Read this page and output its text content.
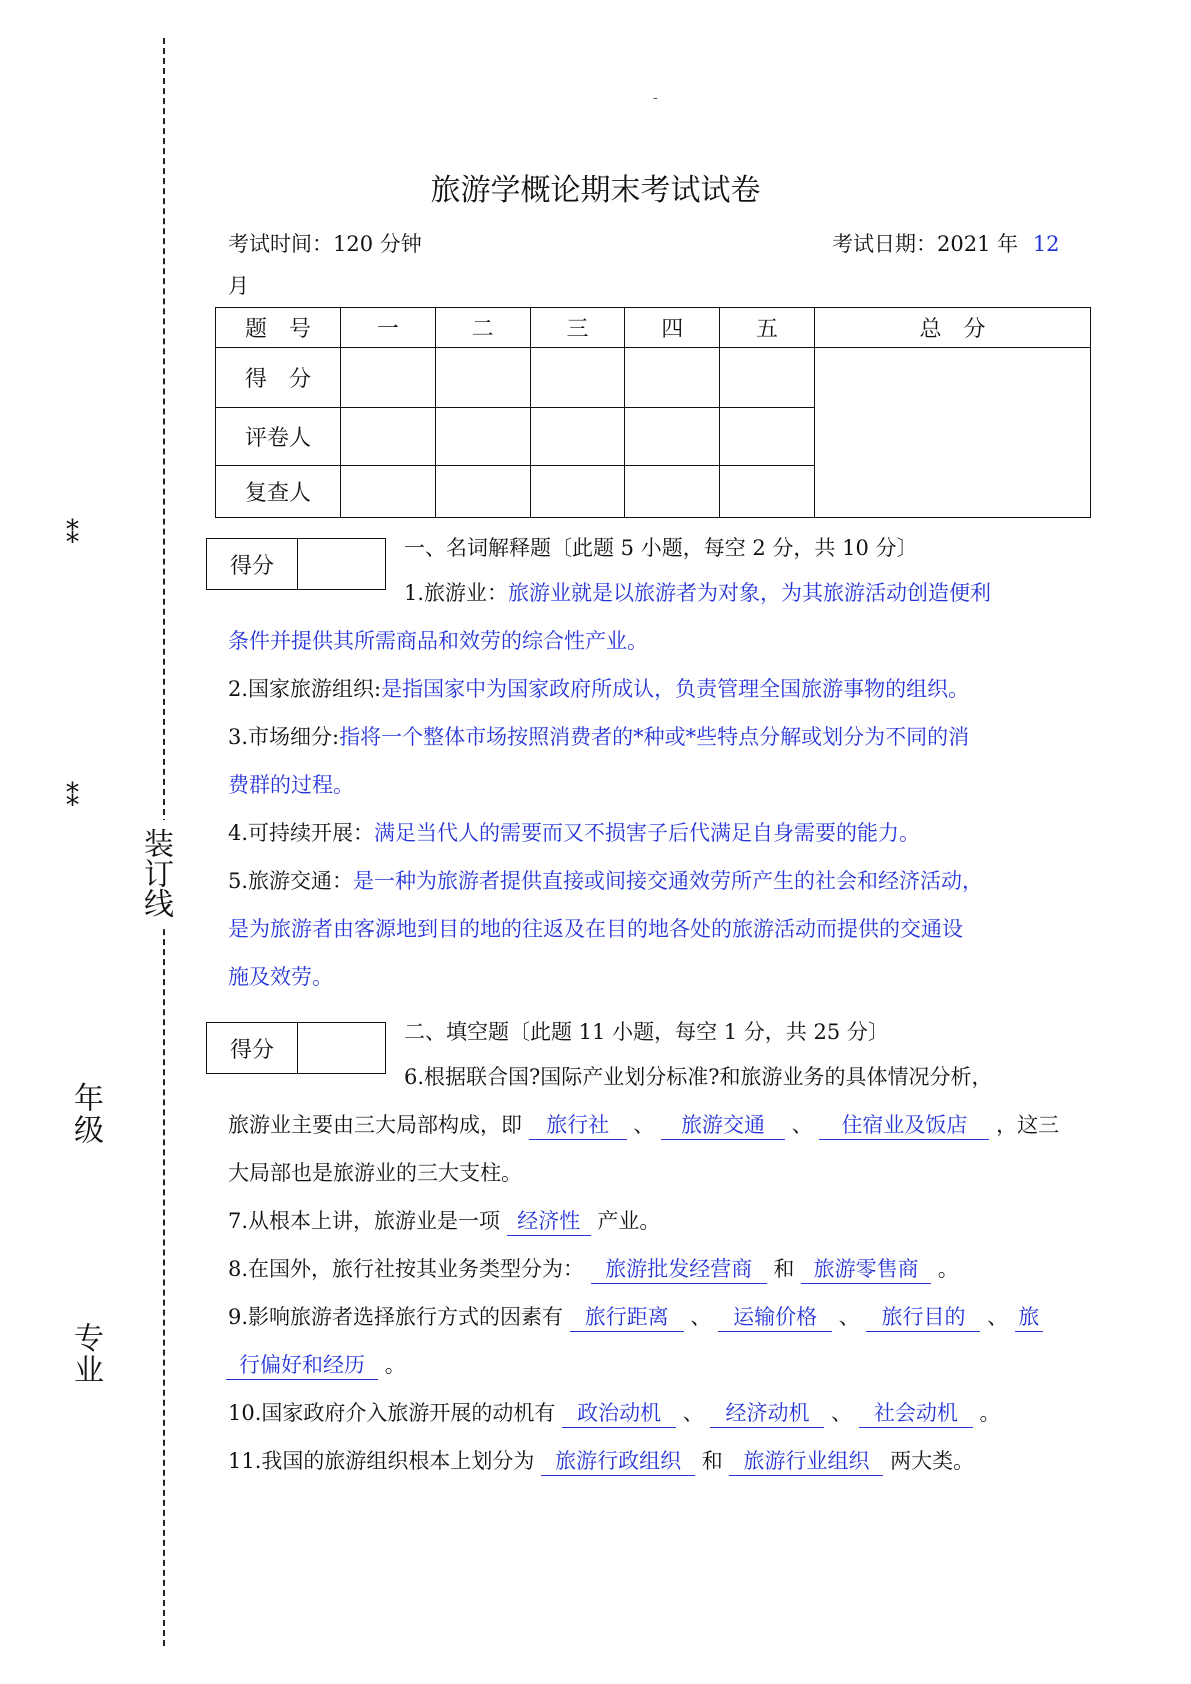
⁑
⁑
装订线
年级
专业
-
旅游学概论期末考试试卷
考试时间：120 分钟	考试日期：2021 年 12
月
题　号	一	二	三	四	五	总　分
得　分						
评卷人						
复查人						
得分
一、名词解释题〔此题 5 小题，每空 2 分，共 10 分〕
1.旅游业：旅游业就是以旅游者为对象，为其旅游活动创造便利
条件并提供其所需商品和效劳的综合性产业。
2.国家旅游组织:是指国家中为国家政府所成认，负责管理全国旅游事物的组织。
3.市场细分:指将一个整体市场按照消费者的*种或*些特点分解或划分为不同的消
费群的过程。
4.可持续开展：满足当代人的需要而又不损害子后代满足自身需要的能力。
5.旅游交通：是一种为旅游者提供直接或间接交通效劳所产生的社会和经济活动，
是为旅游者由客源地到目的地的往返及在目的地各处的旅游活动而提供的交通设
施及效劳。
得分
二、填空题〔此题 11 小题，每空 1 分，共 25 分〕
6.根据联合国?国际产业划分标准?和旅游业务的具体情况分析，
旅游业主要由三大局部构成，即 旅行社 、 旅游交通 、 住宿业及饭店 ，这三
大局部也是旅游业的三大支柱。
7.从根本上讲，旅游业是一项 经济性 产业。
8.在国外，旅行社按其业务类型分为： 旅游批发经营商 和 旅游零售商 。
9.影响旅游者选择旅行方式的因素有 旅行距离 、 运输价格 、 旅行目的 、 旅
行偏好和经历 。
10.国家政府介入旅游开展的动机有 政治动机 、 经济动机 、 社会动机 。
11.我国的旅游组织根本上划分为 旅游行政组织 和 旅游行业组织 两大类。
